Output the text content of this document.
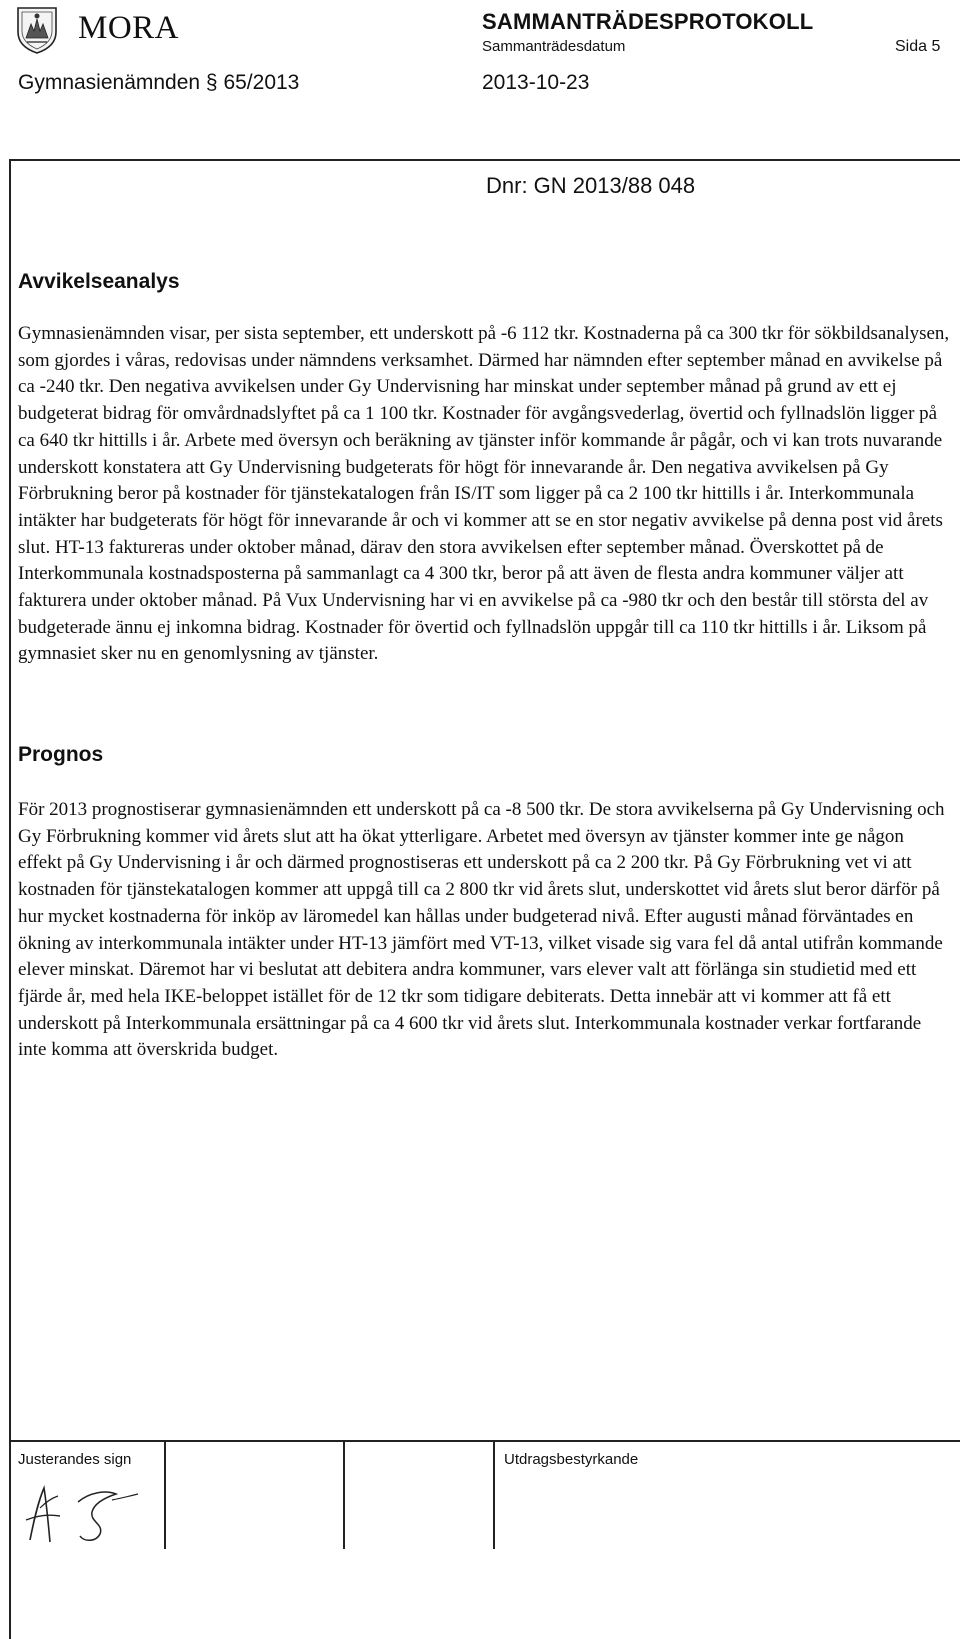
MORA	SAMMANTRÄDESPROTOKOLL
Sammanträdesdatum	Sida 5
Gymnasienämnden § 65/2013	2013-10-23
Dnr: GN 2013/88 048
Avvikelseanalys

Gymnasienämnden visar, per sista september, ett underskott på -6 112 tkr. Kostnaderna på ca 300 tkr för sökbildsanalysen, som gjordes i våras, redovisas under nämndens verksamhet. Därmed har nämnden efter september månad en avvikelse på ca -240 tkr. Den negativa avvikelsen under Gy Undervisning har minskat under september månad på grund av ett ej budgeterat bidrag för omvårdnadslyftet på ca 1 100 tkr. Kostnader för avgångsvederlag, övertid och fyllnadslön ligger på ca 640 tkr hittills i år. Arbete med översyn och beräkning av tjänster inför kommande år pågår, och vi kan trots nuvarande underskott konstatera att Gy Undervisning budgeterats för högt för innevarande år. Den negativa avvikelsen på Gy Förbrukning beror på kostnader för tjänstekatalogen från IS/IT som ligger på ca 2 100 tkr hittills i år. Interkommunala intäkter har budgeterats för högt för innevarande år och vi kommer att se en stor negativ avvikelse på denna post vid årets slut. HT-13 faktureras under oktober månad, därav den stora avvikelsen efter september månad. Överskottet på de Interkommunala kostnadsposterna på sammanlagt ca 4 300 tkr, beror på att även de flesta andra kommuner väljer att fakturera under oktober månad. På Vux Undervisning har vi en avvikelse på ca -980 tkr och den består till största del av budgeterade ännu ej inkomna bidrag. Kostnader för övertid och fyllnadslön uppgår till ca 110 tkr hittills i år. Liksom på gymnasiet sker nu en genomlysning av tjänster.

Prognos

För 2013 prognostiserar gymnasienämnden ett underskott på ca -8 500 tkr. De stora avvikelserna på Gy Undervisning och Gy Förbrukning kommer vid årets slut att ha ökat ytterligare. Arbetet med översyn av tjänster kommer inte ge någon effekt på Gy Undervisning i år och därmed prognostiseras ett underskott på ca 2 200 tkr. På Gy Förbrukning vet vi att kostnaden för tjänstekatalogen kommer att uppgå till ca 2 800 tkr vid årets slut, underskottet vid årets slut beror därför på hur mycket kostnaderna för inköp av läromedel kan hållas under budgeterad nivå. Efter augusti månad förväntades en ökning av interkommunala intäkter under HT-13 jämfört med VT-13, vilket visade sig vara fel då antal utifrån kommande elever minskat. Däremot har vi beslutat att debitera andra kommuner, vars elever valt att förlänga sin studietid med ett fjärde år, med hela IKE-beloppet istället för de 12 tkr som tidigare debiterats. Detta innebär att vi kommer att få ett underskott på Interkommunala ersättningar på ca 4 600 tkr vid årets slut. Interkommunala kostnader verkar fortfarande inte komma att överskrida budget.

Justerandes sign	Utdragsbestyrkande
